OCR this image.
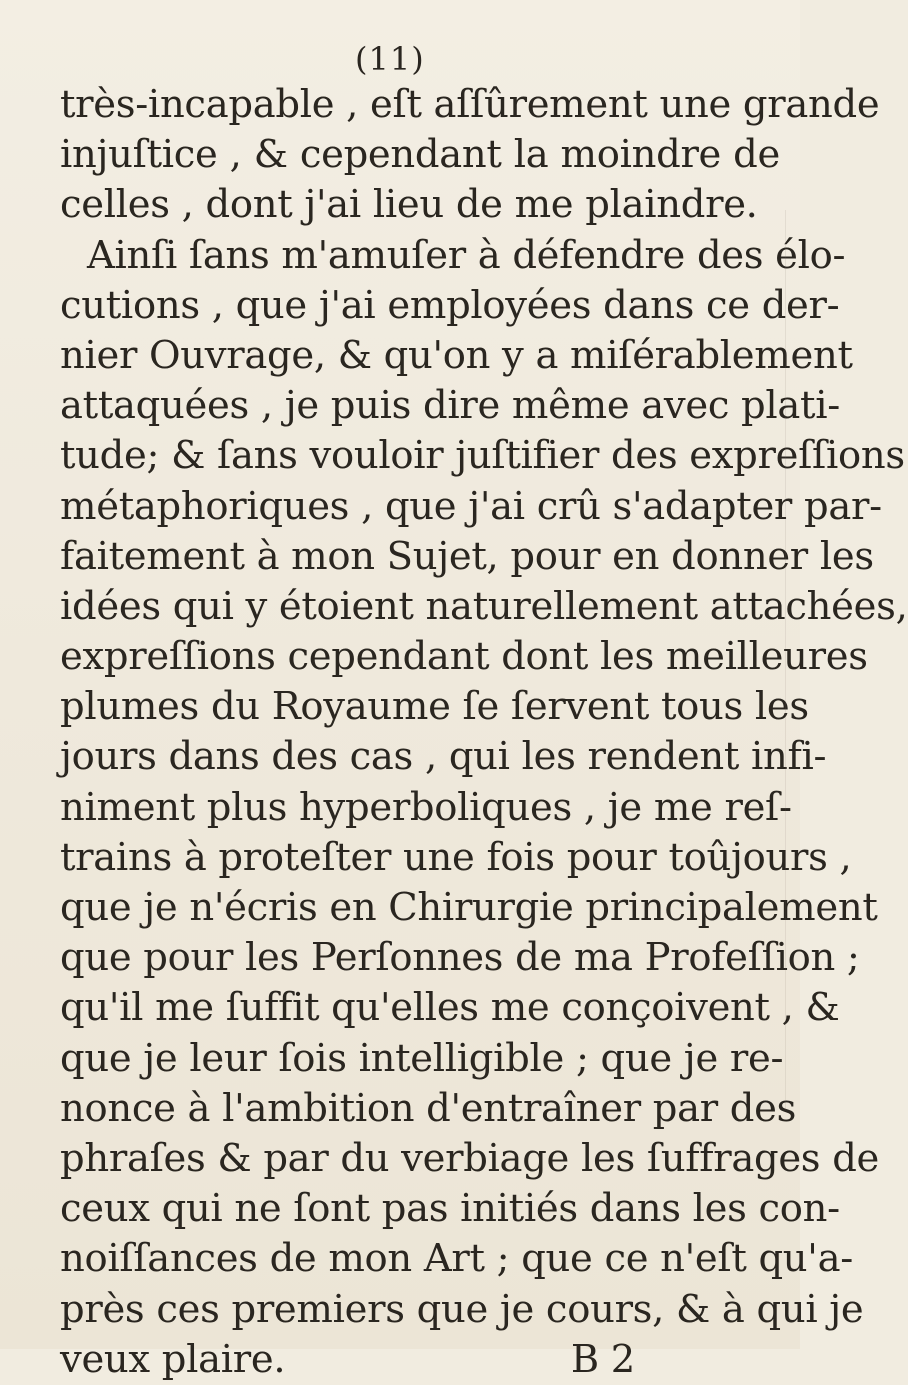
(11)
très-incapable , eſt aſſûrement une grande
injuſtice , & cependant la moindre de
celles , dont j'ai lieu de me plaindre.
Ainſi ſans m'amuſer à défendre des élo-
cutions , que j'ai employées dans ce der-
nier Ouvrage, & qu'on y a miſérablement
attaquées , je puis dire même avec plati-
tude; & ſans vouloir juſtifier des expreſſions
métaphoriques , que j'ai crû s'adapter par-
faitement à mon Sujet, pour en donner les
idées qui y étoient naturellement attachées,
expreſſions cependant dont les meilleures
plumes du Royaume ſe ſervent tous les
jours dans des cas , qui les rendent infi-
niment plus hyperboliques , je me reſ-
trains à proteſter une fois pour toûjours ,
que je n'écris en Chirurgie principalement
que pour les Perſonnes de ma Profeſſion ;
qu'il me ſuffit qu'elles me conçoivent , &
que je leur ſois intelligible ; que je re-
nonce à l'ambition d'entraîner par des
phraſes & par du verbiage les ſuffrages de
ceux qui ne ſont pas initiés dans les con-
noiſſances de mon Art ; que ce n'eſt qu'a-
près ces premiers que je cours, & à qui je
veux plaire.	B 2
